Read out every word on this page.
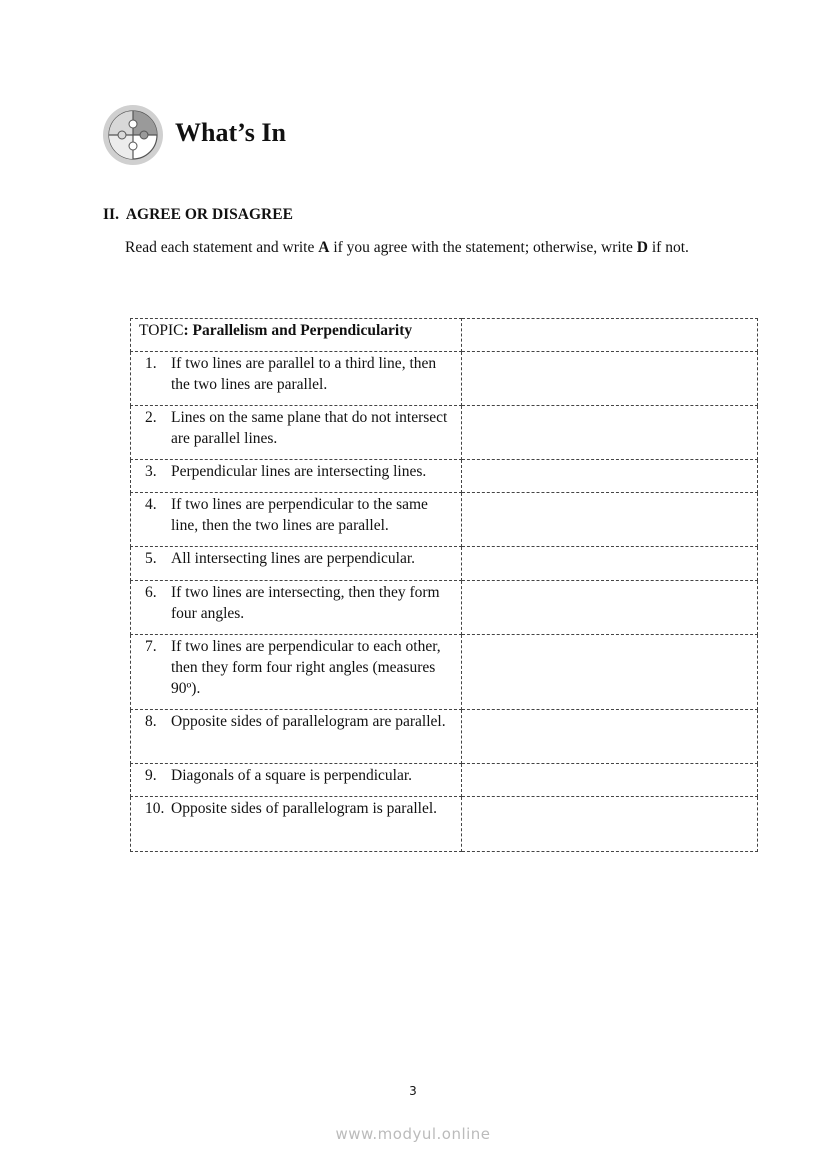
What’s In
II.  AGREE OR DISAGREE
Read each statement and write A if you agree with the statement; otherwise, write D if not.
TOPIC: Parallelism and Perpendicularity	

1. If two lines are parallel to a third line, then the two lines are parallel.	

2. Lines on the same plane that do not intersect are parallel lines.	

3. Perpendicular lines are intersecting lines.	

4. If two lines are perpendicular to the same line, then the two lines are parallel.	

5. All intersecting lines are perpendicular.	

6. If two lines are intersecting, then they form four angles.	

7. If two lines are perpendicular to each other, then they form four right angles (measures 90º).	

8. Opposite sides of parallelogram are parallel.	

9. Diagonals of a square is perpendicular.	

10. Opposite sides of parallelogram is parallel.	

3
www.modyul.online
